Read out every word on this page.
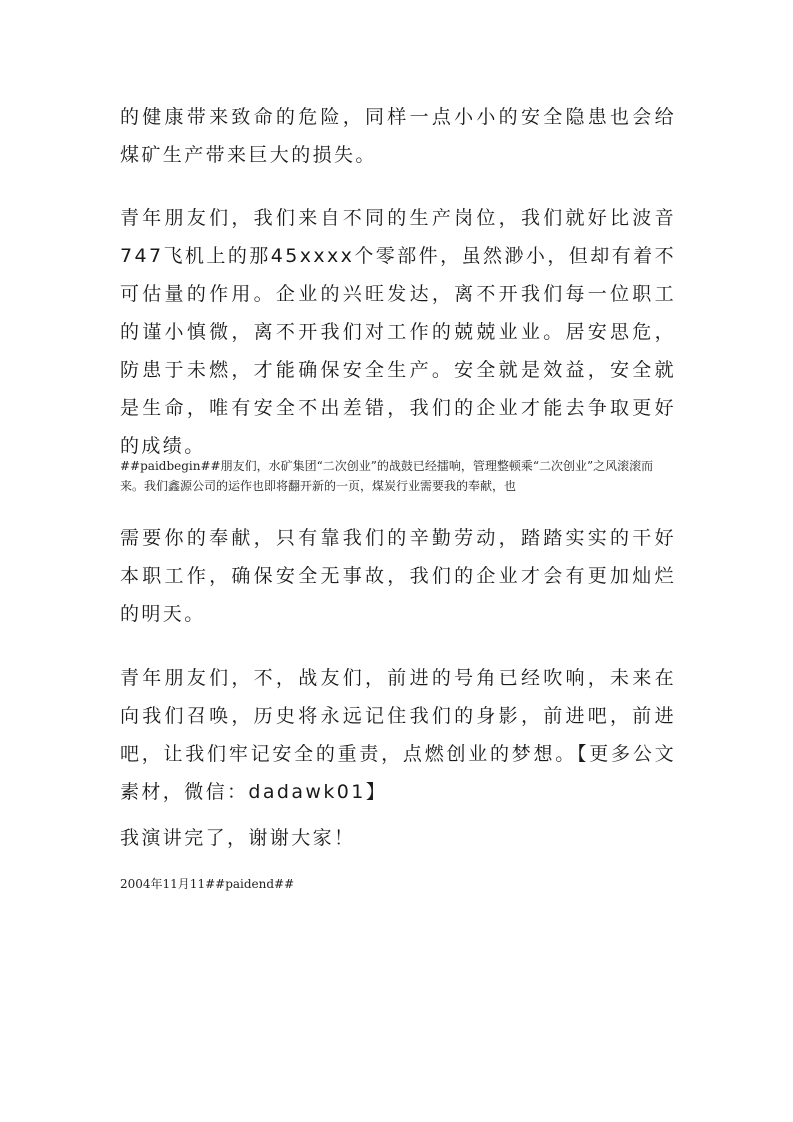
的健康带来致命的危险，同样一点小小的安全隐患也会给煤矿生产带来巨大的损失。

青年朋友们，我们来自不同的生产岗位，我们就好比波音747飞机上的那45xxxx个零部件，虽然渺小，但却有着不可估量的作用。企业的兴旺发达，离不开我们每一位职工的谨小慎微，离不开我们对工作的兢兢业业。居安思危，防患于未燃，才能确保安全生产。安全就是效益，安全就是生命，唯有安全不出差错，我们的企业才能去争取更好的成绩。

##paidbegin##朋友们，水矿集团“二次创业”的战鼓已经擂响，管理整顿乘“二次创业”之风滚滚而来。我们鑫源公司的运作也即将翻开新的一页，煤炭行业需要我的奉献，也

需要你的奉献，只有靠我们的辛勤劳动，踏踏实实的干好本职工作，确保安全无事故，我们的企业才会有更加灿烂的明天。

青年朋友们，不，战友们，前进的号角已经吹响，未来在向我们召唤，历史将永远记住我们的身影，前进吧，前进吧，让我们牢记安全的重责，点燃创业的梦想。【更多公文 素材，微信：dadawk01】

我演讲完了，谢谢大家！

2004年11月11##paidend##
